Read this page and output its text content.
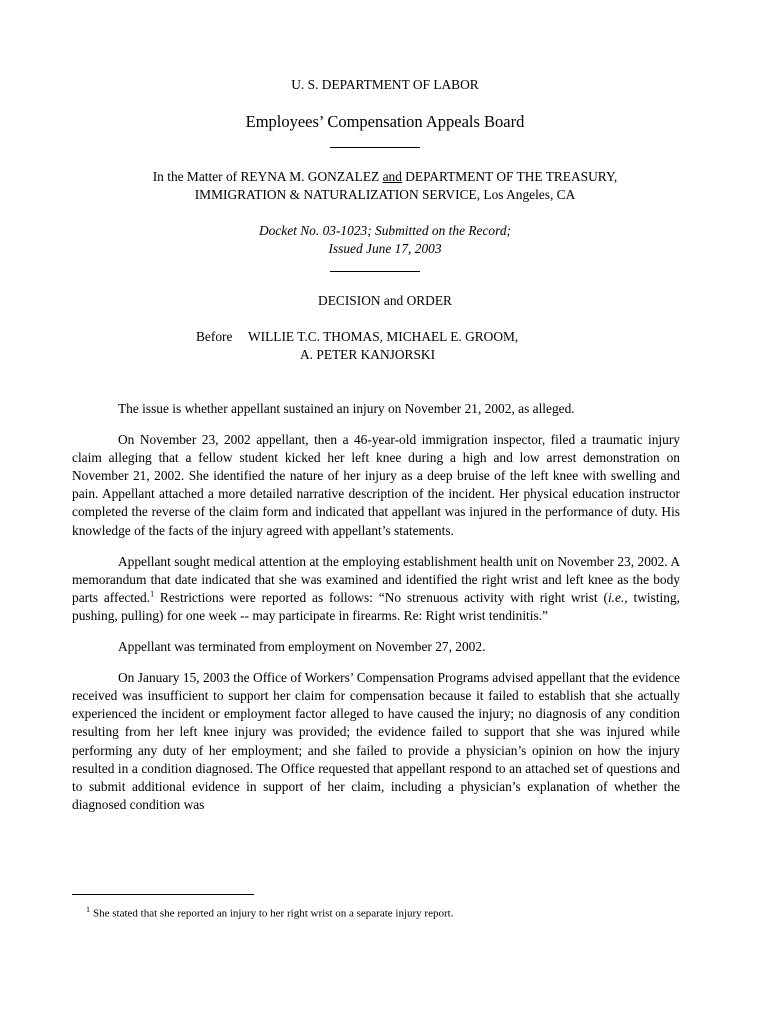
U. S. DEPARTMENT OF LABOR
Employees’ Compensation Appeals Board
In the Matter of REYNA M. GONZALEZ and DEPARTMENT OF THE TREASURY,
IMMIGRATION & NATURALIZATION SERVICE, Los Angeles, CA
Docket No. 03-1023; Submitted on the Record;
Issued June 17, 2003
DECISION and ORDER
Before WILLIE T.C. THOMAS, MICHAEL E. GROOM,
A. PETER KANJORSKI

The issue is whether appellant sustained an injury on November 21, 2002, as alleged.

On November 23, 2002 appellant, then a 46-year-old immigration inspector, filed a traumatic injury claim alleging that a fellow student kicked her left knee during a high and low arrest demonstration on November 21, 2002. She identified the nature of her injury as a deep bruise of the left knee with swelling and pain. Appellant attached a more detailed narrative description of the incident. Her physical education instructor completed the reverse of the claim form and indicated that appellant was injured in the performance of duty. His knowledge of the facts of the injury agreed with appellant’s statements.

Appellant sought medical attention at the employing establishment health unit on November 23, 2002. A memorandum that date indicated that she was examined and identified the right wrist and left knee as the body parts affected.$^1$ Restrictions were reported as follows: “No strenuous activity with right wrist (i.e., twisting, pushing, pulling) for one week -- may participate in firearms. Re: Right wrist tendinitis.”

Appellant was terminated from employment on November 27, 2002.

On January 15, 2003 the Office of Workers’ Compensation Programs advised appellant that the evidence received was insufficient to support her claim for compensation because it failed to establish that she actually experienced the incident or employment factor alleged to have caused the injury; no diagnosis of any condition resulting from her left knee injury was provided; the evidence failed to support that she was injured while performing any duty of her employment; and she failed to provide a physician’s opinion on how the injury resulted in a condition diagnosed. The Office requested that appellant respond to an attached set of questions and to submit additional evidence in support of her claim, including a physician’s explanation of whether the diagnosed condition was

$^1$ She stated that she reported an injury to her right wrist on a separate injury report.
